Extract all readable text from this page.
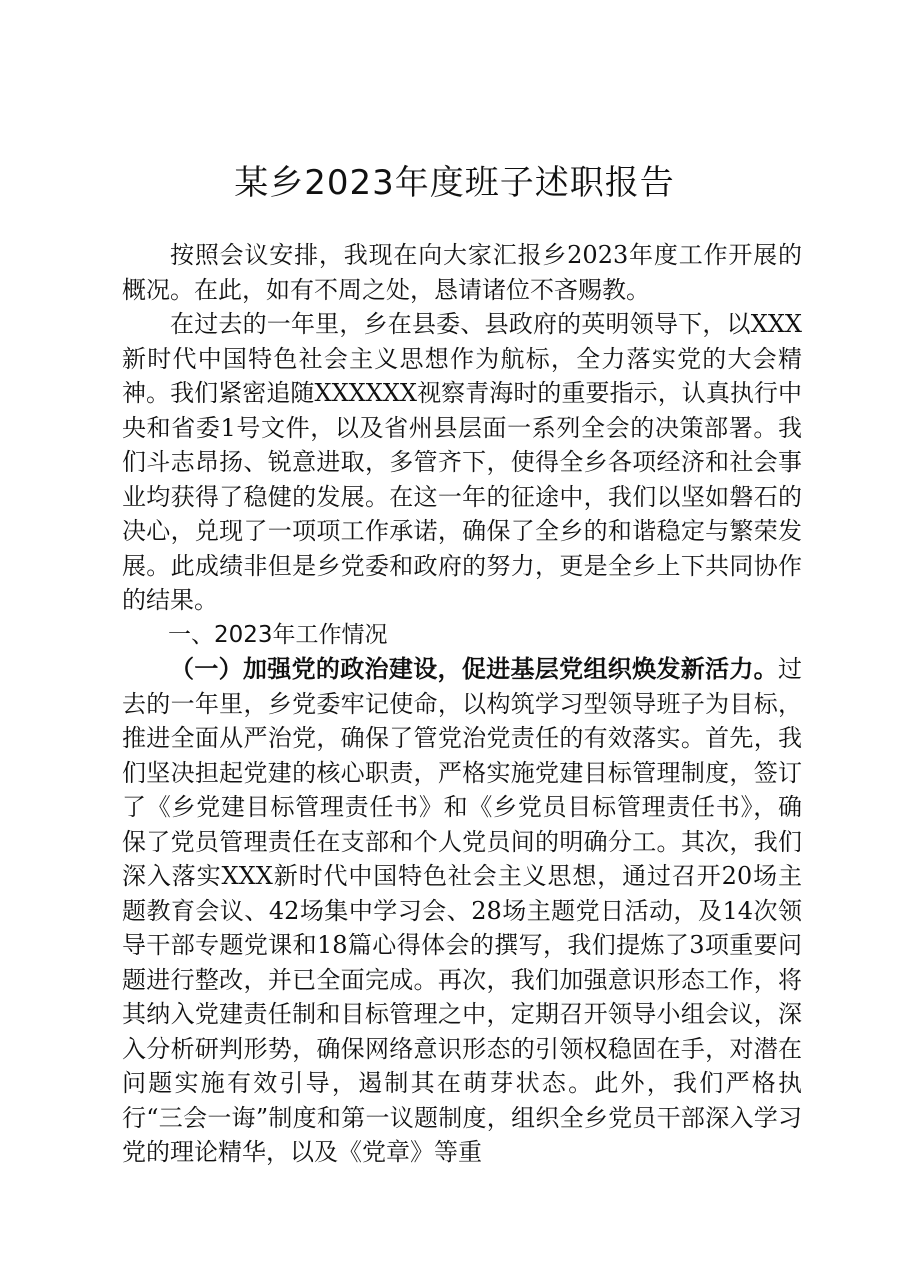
某乡2023年度班子述职报告

按照会议安排，我现在向大家汇报乡2023年度工作开展的概况。在此，如有不周之处，恳请诸位不吝赐教。

在过去的一年里，乡在县委、县政府的英明领导下，以XXX新时代中国特色社会主义思想作为航标，全力落实党的大会精神。我们紧密追随XXXXXX视察青海时的重要指示，认真执行中央和省委1号文件，以及省州县层面一系列全会的决策部署。我们斗志昂扬、锐意进取，多管齐下，使得全乡各项经济和社会事业均获得了稳健的发展。在这一年的征途中，我们以坚如磐石的决心，兑现了一项项工作承诺，确保了全乡的和谐稳定与繁荣发展。此成绩非但是乡党委和政府的努力，更是全乡上下共同协作的结果。

一、2023年工作情况

（一）加强党的政治建设，促进基层党组织焕发新活力。过去的一年里，乡党委牢记使命，以构筑学习型领导班子为目标，推进全面从严治党，确保了管党治党责任的有效落实。首先，我们坚决担起党建的核心职责，严格实施党建目标管理制度，签订了《乡党建目标管理责任书》和《乡党员目标管理责任书》，确保了党员管理责任在支部和个人党员间的明确分工。其次，我们深入落实XXX新时代中国特色社会主义思想，通过召开20场主题教育会议、42场集中学习会、28场主题党日活动，及14次领导干部专题党课和18篇心得体会的撰写，我们提炼了3项重要问题进行整改，并已全面完成。再次，我们加强意识形态工作，将其纳入党建责任制和目标管理之中，定期召开领导小组会议，深入分析研判形势，确保网络意识形态的引领权稳固在手，对潜在问题实施有效引导，遏制其在萌芽状态。此外，我们严格执行“三会一诲”制度和第一议题制度，组织全乡党员干部深入学习党的理论精华，以及《党章》等重
